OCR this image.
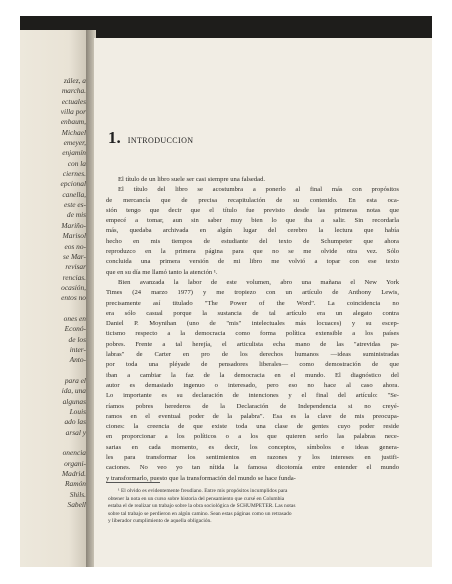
zález, a
marcha.
ectuales
villa por
enbaum,
Michael
emeyer,
enjamín
con la
ciernes.
epcional
canella,
este es-
de mis
Mariño-
Marisol
eos no-
se Mar-
revisar
rencias.
ocasión,
entos no

ones en
Econó-
de los
inter-
Anto-

para el
ida, una
algunas
Louis
ado las
arsal y

onencia
organi-
Madrid.
Ramón
Shils.
Sabell
1. INTRODUCCION
El título de un libro suele ser casi siempre una falsedad.
El título del libro se acostumbra a ponerlo al final más con propósitos
de mercancía que de precisa recapitulación de su contenido. En esta oca-
sión tengo que decir que el título fue previsto desde las primeras notas que
empecé a tomar, aun sin saber muy bien lo que iba a salir. Sin recordarla
más, quedaba archivada en algún lugar del cerebro la lectura que había
hecho en mis tiempos de estudiante del texto de Schumpeter que ahora
reproduzco en la primera página para que no se me olvide otra vez. Sólo
concluida una primera versión de mi libro me volvió a topar con ese texto
que en su día me llamó tanto la atención ¹.
Bien avanzada la labor de este volumen, abro una mañana el New York
Times (24 marzo 1977) y me tropiezo con un artículo de Anthony Lewis,
precisamente así titulado "The Power of the Word". La coincidencia no
era sólo casual porque la sustancia de tal artículo era un alegato contra
Daniel P. Moynihan (uno de "mis" intelectuales más locuaces) y su escep-
ticismo respecto a la democracia como forma política extensible a los países
pobres. Frente a tal herejía, el articulista echa mano de las "atrevidas pa-
labras" de Carter en pro de los derechos humanos —ideas suministradas
por toda una pléyade de pensadores liberales— como demostración de que
iban a cambiar la faz de la democracia en el mundo. El diagnóstico del
autor es demasiado ingenuo o interesado, pero eso no hace al caso ahora.
Lo importante es su declaración de intenciones y el final del artículo: "Se-
ríamos pobres herederos de la Declaración de Independencia si no creyé-
ramos en el eventual poder de la palabra". Esa es la clave de mis preocupa-
ciones: la creencia de que existe toda una clase de gentes cuyo poder reside
en proporcionar a los políticos o a los que quieren serlo las palabras nece-
sarias en cada momento, es decir, los conceptos, símbolos e ideas genera-
les para transformar los sentimientos en razones y los intereses en justifi-
caciones. No veo yo tan nítida la famosa dicotomía entre entender el mundo
y transformarlo, puesto que la transformación del mundo se hace funda-
¹ El olvido es evidentemente freudiano. Entre mis propósitos incumplidos para
obtener la nota en un curso sobre historia del pensamiento que cursé en Columbia
estaba el de realizar un trabajo sobre la obra sociológica de SCHUMPETER. Las notas
sobre tal trabajo se perdieron en algún camino. Sean estas páginas como un retrasado
y liberador cumplimiento de aquella obligación.
